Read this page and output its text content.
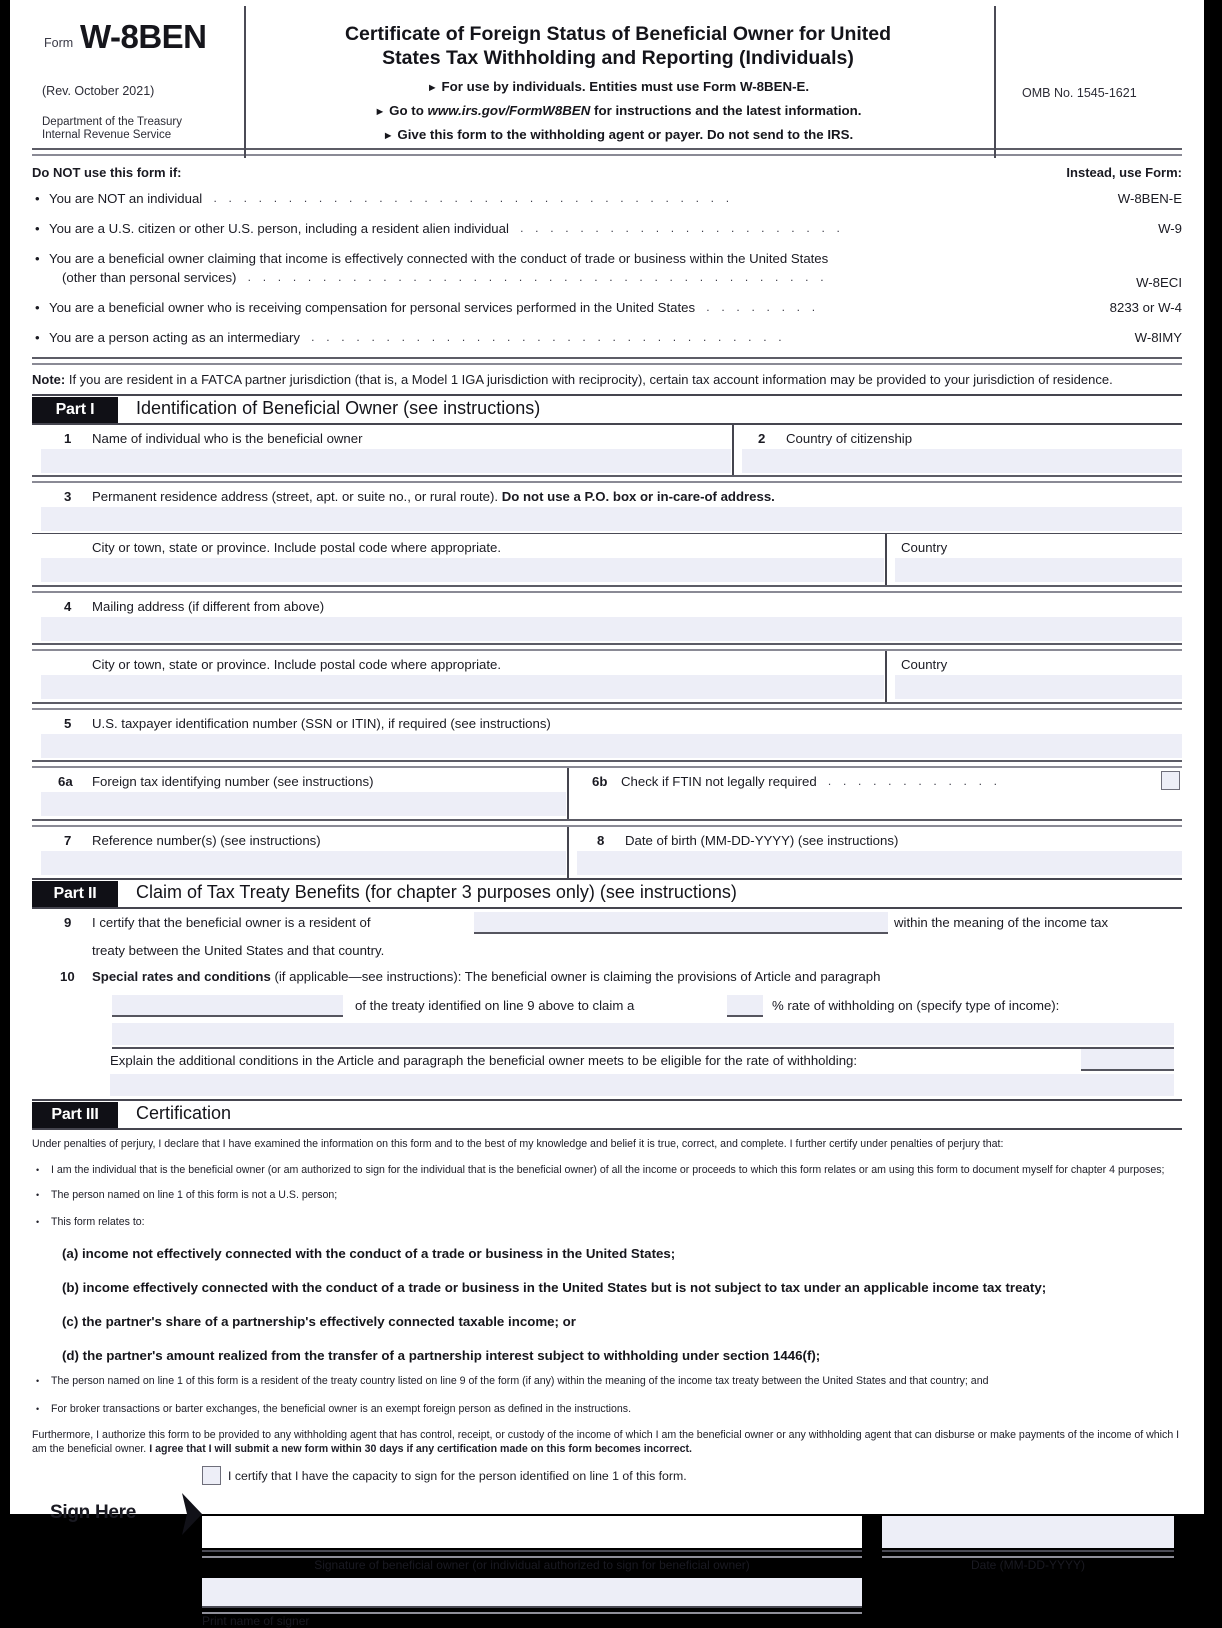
Form W-8BEN
(Rev. October 2021)
Department of the Treasury
Internal Revenue Service
Certificate of Foreign Status of Beneficial Owner for United
States Tax Withholding and Reporting (Individuals)
► For use by individuals. Entities must use Form W-8BEN-E.
► Go to www.irs.gov/FormW8BEN for instructions and the latest information.
► Give this form to the withholding agent or payer. Do not send to the IRS.
OMB No. 1545-1621
Do NOT use this form if:	Instead, use Form:
• You are NOT an individual  . . . . . . . . . . . . . . . . . . . . . . . . . . . . . . . . . . .	W-8BEN-E
• You are a U.S. citizen or other U.S. person, including a resident alien individual  . . . . . . . . . . . . . . . . . . . . . .	W-9
• You are a beneficial owner claiming that income is effectively connected with the conduct of trade or business within the United States
(other than personal services)  . . . . . . . . . . . . . . . . . . . . . . . . . . . . . . . . . . . . . . .	W-8ECI
• You are a beneficial owner who is receiving compensation for personal services performed in the United States  . . . . . . . .	8233 or W-4
• You are a person acting as an intermediary  . . . . . . . . . . . . . . . . . . . . . . . . . . . . . . . .	W-8IMY
Note: If you are resident in a FATCA partner jurisdiction (that is, a Model 1 IGA jurisdiction with reciprocity), certain tax account information may be provided to your jurisdiction of residence.
Part I	Identification of Beneficial Owner (see instructions)
1 Name of individual who is the beneficial owner	2 Country of citizenship
3 Permanent residence address (street, apt. or suite no., or rural route). Do not use a P.O. box or in-care-of address.
City or town, state or province. Include postal code where appropriate.	Country
4 Mailing address (if different from above)
City or town, state or province. Include postal code where appropriate.	Country
5 U.S. taxpayer identification number (SSN or ITIN), if required (see instructions)
6a Foreign tax identifying number (see instructions)	6b Check if FTIN not legally required  . . . . . . . . . . . .
7 Reference number(s) (see instructions)	8 Date of birth (MM-DD-YYYY) (see instructions)
Part II	Claim of Tax Treaty Benefits (for chapter 3 purposes only) (see instructions)
9 I certify that the beneficial owner is a resident of	within the meaning of the income tax
treaty between the United States and that country.
10 Special rates and conditions (if applicable—see instructions): The beneficial owner is claiming the provisions of Article and paragraph
of the treaty identified on line 9 above to claim a	% rate of withholding on (specify type of income):
Explain the additional conditions in the Article and paragraph the beneficial owner meets to be eligible for the rate of withholding:
Part III	Certification
Under penalties of perjury, I declare that I have examined the information on this form and to the best of my knowledge and belief it is true, correct, and complete. I further certify under penalties of perjury that:
• I am the individual that is the beneficial owner (or am authorized to sign for the individual that is the beneficial owner) of all the income or proceeds to which this form relates or am using this form to document myself for chapter 4 purposes;
• The person named on line 1 of this form is not a U.S. person;
• This form relates to:
(a) income not effectively connected with the conduct of a trade or business in the United States;
(b) income effectively connected with the conduct of a trade or business in the United States but is not subject to tax under an applicable income tax treaty;
(c) the partner's share of a partnership's effectively connected taxable income; or
(d) the partner's amount realized from the transfer of a partnership interest subject to withholding under section 1446(f);
• The person named on line 1 of this form is a resident of the treaty country listed on line 9 of the form (if any) within the meaning of the income tax treaty between the United States and that country; and
• For broker transactions or barter exchanges, the beneficial owner is an exempt foreign person as defined in the instructions.
Furthermore, I authorize this form to be provided to any withholding agent that has control, receipt, or custody of the income of which I am the beneficial owner or any withholding agent that can disburse or make payments of the income of which I am the beneficial owner. I agree that I will submit a new form within 30 days if any certification made on this form becomes incorrect.
I certify that I have the capacity to sign for the person identified on line 1 of this form.
Sign Here
Signature of beneficial owner (or individual authorized to sign for beneficial owner)	Date (MM-DD-YYYY)
Print name of signer
